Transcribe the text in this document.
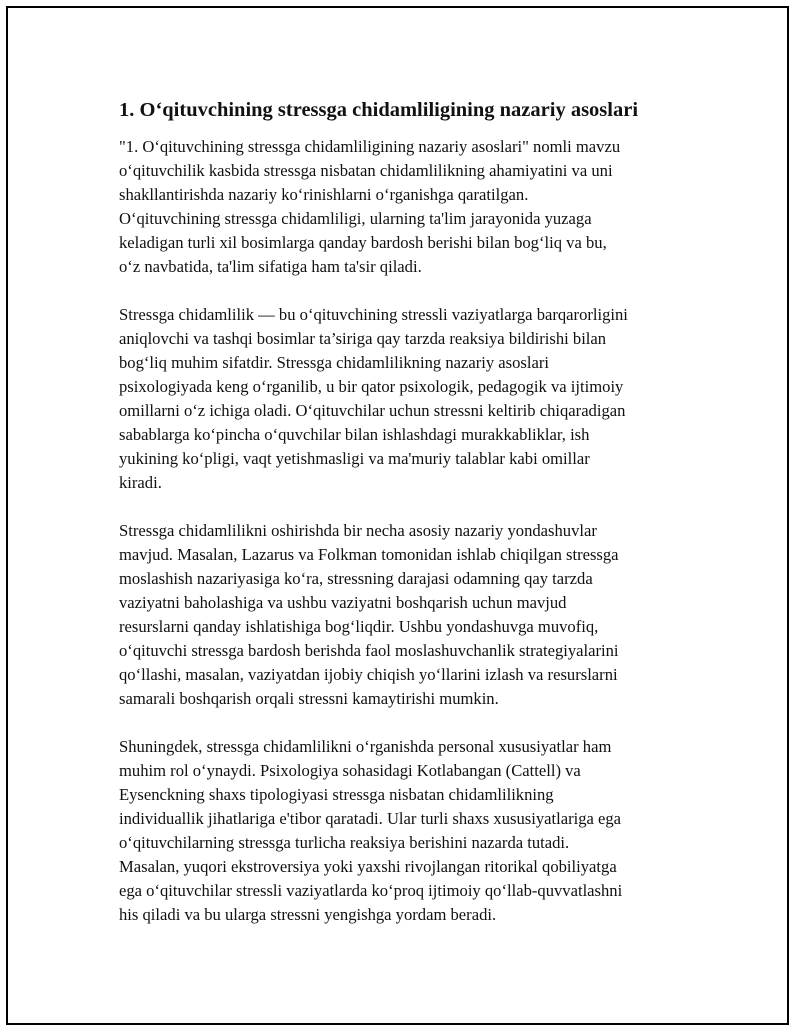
1. O‘qituvchining stressga chidamliligining nazariy asoslari

"1. O‘qituvchining stressga chidamliligining nazariy asoslari" nomli mavzu
o‘qituvchilik kasbida stressga nisbatan chidamlilikning ahamiyatini va uni
shakllantirishda nazariy ko‘rinishlarni o‘rganishga qaratilgan.
O‘qituvchining stressga chidamliligi, ularning ta'lim jarayonida yuzaga
keladigan turli xil bosimlarga qanday bardosh berishi bilan bog‘liq va bu,
o‘z navbatida, ta'lim sifatiga ham ta'sir qiladi.

Stressga chidamlilik — bu o‘qituvchining stressli vaziyatlarga barqarorligini
aniqlovchi va tashqi bosimlar ta’siriga qay tarzda reaksiya bildirishi bilan
bog‘liq muhim sifatdir. Stressga chidamlilikning nazariy asoslari
psixologiyada keng o‘rganilib, u bir qator psixologik, pedagogik va ijtimoiy
omillarni o‘z ichiga oladi. O‘qituvchilar uchun stressni keltirib chiqaradigan
sabablarga ko‘pincha o‘quvchilar bilan ishlashdagi murakkabliklar, ish
yukining ko‘pligi, vaqt yetishmasligi va ma'muriy talablar kabi omillar
kiradi.

Stressga chidamlilikni oshirishda bir necha asosiy nazariy yondashuvlar
mavjud. Masalan, Lazarus va Folkman tomonidan ishlab chiqilgan stressga
moslashish nazariyasiga ko‘ra, stressning darajasi odamning qay tarzda
vaziyatni baholashiga va ushbu vaziyatni boshqarish uchun mavjud
resurslarni qanday ishlatishiga bog‘liqdir. Ushbu yondashuvga muvofiq,
o‘qituvchi stressga bardosh berishda faol moslashuvchanlik strategiyalarini
qo‘llashi, masalan, vaziyatdan ijobiy chiqish yo‘llarini izlash va resurslarni
samarali boshqarish orqali stressni kamaytirishi mumkin.

Shuningdek, stressga chidamlilikni o‘rganishda personal xususiyatlar ham
muhim rol o‘ynaydi. Psixologiya sohasidagi Kotlabangan (Cattell) va
Eysenckning shaxs tipologiyasi stressga nisbatan chidamlilikning
individuallik jihatlariga e'tibor qaratadi. Ular turli shaxs xususiyatlariga ega
o‘qituvchilarning stressga turlicha reaksiya berishini nazarda tutadi.
Masalan, yuqori ekstroversiya yoki yaxshi rivojlangan ritorikal qobiliyatga
ega o‘qituvchilar stressli vaziyatlarda ko‘proq ijtimoiy qo‘llab-quvvatlashni
his qiladi va bu ularga stressni yengishga yordam beradi.
